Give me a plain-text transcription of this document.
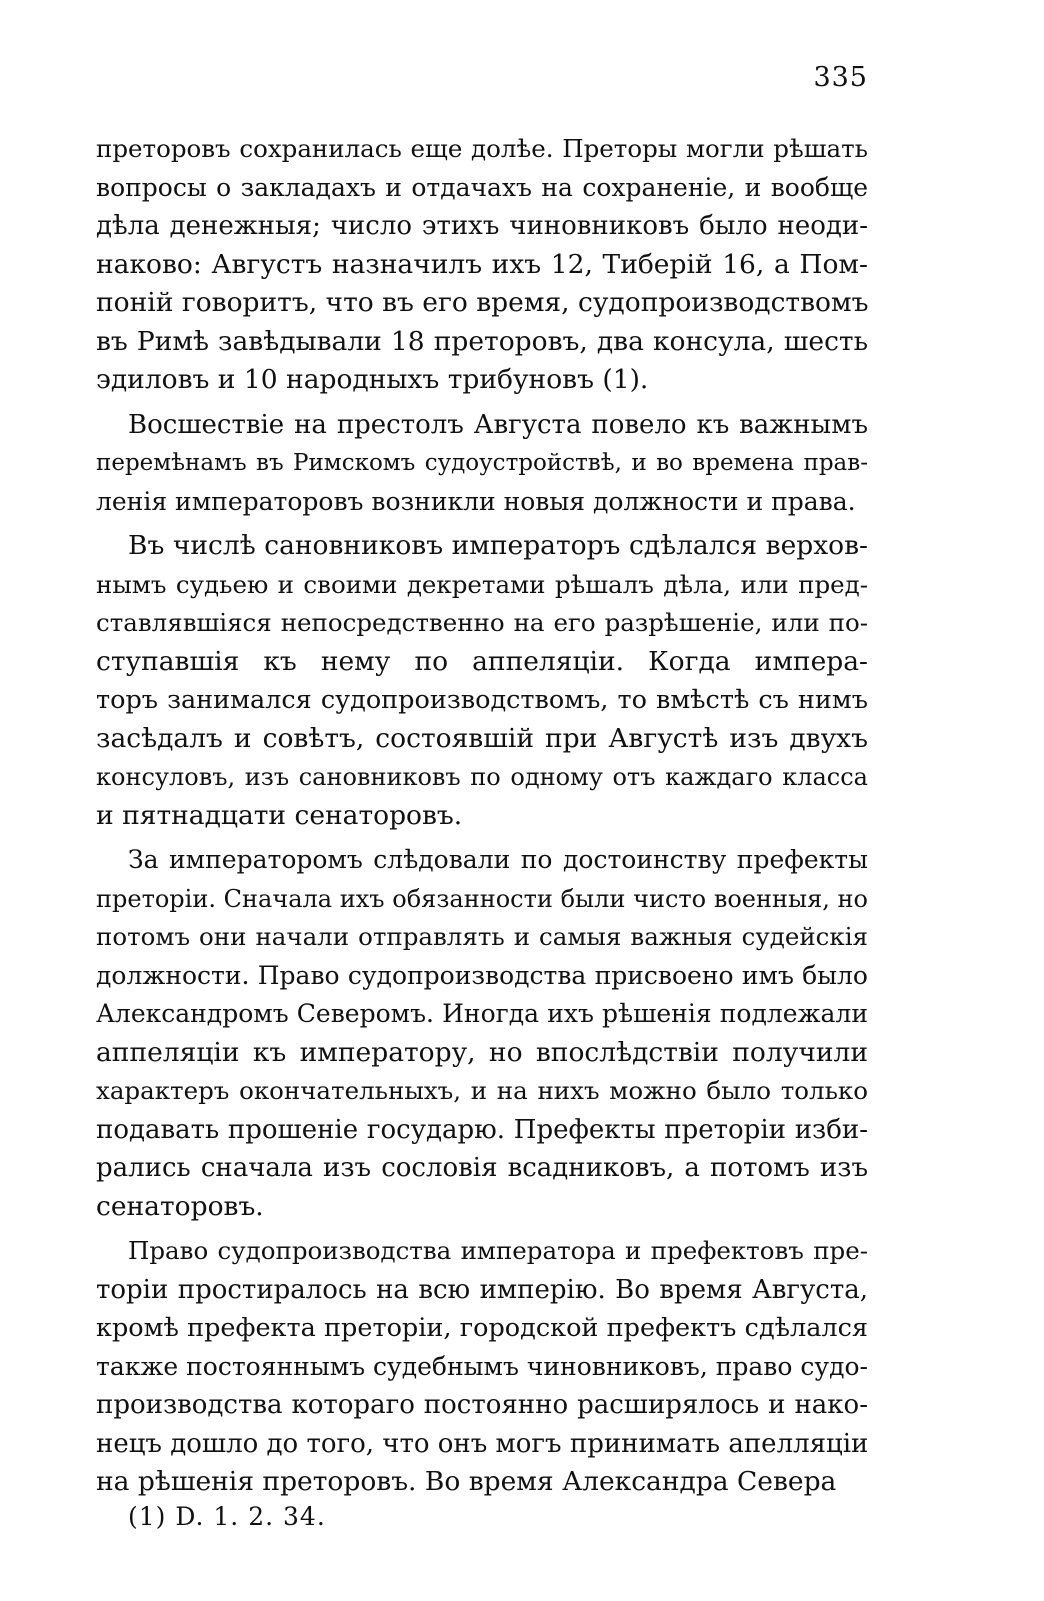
335
преторовъ сохранилась еще долѣе. Преторы могли рѣшать
вопросы о закладахъ и отдачахъ на сохраненіе, и вообще
дѣла денежныя; число этихъ чиновниковъ было неоди-
наково: Августъ назначилъ ихъ 12, Тиберій 16, а Пом-
поній говоритъ, что въ его время, судопроизводствомъ
въ Римѣ завѣдывали 18 преторовъ, два консула, шесть
эдиловъ и 10 народныхъ трибуновъ (1).
Восшествіе на престолъ Августа повело къ важнымъ
перемѣнамъ въ Римскомъ судоустройствѣ, и во времена прав-
ленія императоровъ возникли новыя должности и права.
Въ числѣ сановниковъ императоръ сдѣлался верхов-
нымъ судьею и своими декретами рѣшалъ дѣла, или пред-
ставлявшіяся непосредственно на его разрѣшеніе, или по-
ступавшія къ нему по аппеляціи. Когда импера-
торъ занимался судопроизводствомъ, то вмѣстѣ съ нимъ
засѣдалъ и совѣтъ, состоявшій при Августѣ изъ двухъ
консуловъ, изъ сановниковъ по одному отъ каждаго класса
и пятнадцати сенаторовъ.
За императоромъ слѣдовали по достоинству префекты
преторіи. Сначала ихъ обязанности были чисто военныя, но
потомъ они начали отправлять и самыя важныя судейскія
должности. Право судопроизводства присвоено имъ было
Александромъ Северомъ. Иногда ихъ рѣшенія подлежали
аппеляціи къ императору, но впослѣдствіи получили
характеръ окончательныхъ, и на нихъ можно было только
подавать прошеніе государю. Префекты преторіи изби-
рались сначала изъ сословія всадниковъ, а потомъ изъ
сенаторовъ.
Право судопроизводства императора и префектовъ пре-
торіи простиралось на всю имперію. Во время Августа,
кромѣ префекта преторіи, городской префектъ сдѣлался
также постояннымъ судебнымъ чиновниковъ, право судо-
производства котораго постоянно расширялось и нако-
нецъ дошло до того, что онъ могъ принимать апелляціи
на рѣшенія преторовъ. Во время Александра Севера
(1) D. 1. 2. 34.
